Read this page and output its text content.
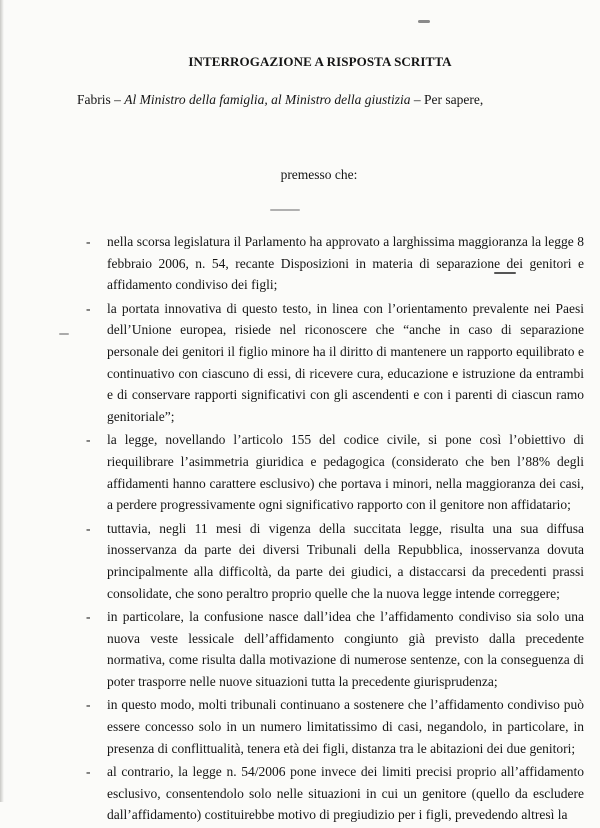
INTERROGAZIONE A RISPOSTA SCRITTA
Fabris – Al Ministro della famiglia, al Ministro della giustizia – Per sapere,
premesso che:
-	nella scorsa legislatura il Parlamento ha approvato a larghissima maggioranza la legge 8 febbraio 2006, n. 54, recante Disposizioni in materia di separazione dei genitori e affidamento condiviso dei figli;
-	la portata innovativa di questo testo, in linea con l’orientamento prevalente nei Paesi dell’Unione europea, risiede nel riconoscere che “anche in caso di separazione personale dei genitori il figlio minore ha il diritto di mantenere un rapporto equilibrato e continuativo con ciascuno di essi, di ricevere cura, educazione e istruzione da entrambi e di conservare rapporti significativi con gli ascendenti e con i parenti di ciascun ramo genitoriale”;
-	la legge, novellando l’articolo 155 del codice civile, si pone così l’obiettivo di riequilibrare l’asimmetria giuridica e pedagogica (considerato che ben l’88% degli affidamenti hanno carattere esclusivo) che portava i minori, nella maggioranza dei casi, a perdere progressivamente ogni significativo rapporto con il genitore non affidatario;
-	tuttavia, negli 11 mesi di vigenza della succitata legge, risulta una sua diffusa inosservanza da parte dei diversi Tribunali della Repubblica, inosservanza dovuta principalmente alla difficoltà, da parte dei giudici, a distaccarsi da precedenti prassi consolidate, che sono peraltro proprio quelle che la nuova legge intende correggere;
-	in particolare, la confusione nasce dall’idea che l’affidamento condiviso sia solo una nuova veste lessicale dell’affidamento congiunto già previsto dalla precedente normativa, come risulta dalla motivazione di numerose sentenze, con la conseguenza di poter trasporre nelle nuove situazioni tutta la precedente giurisprudenza;
-	in questo modo, molti tribunali continuano a sostenere che l’affidamento condiviso può essere concesso solo in un numero limitatissimo di casi, negandolo, in particolare, in presenza di conflittualità, tenera età dei figli, distanza tra le abitazioni dei due genitori;
-	al contrario, la legge n. 54/2006 pone invece dei limiti precisi proprio all’affidamento esclusivo, consentendolo solo nelle situazioni in cui un genitore (quello da escludere dall’affidamento) costituirebbe motivo di pregiudizio per i figli, prevedendo altresì la
